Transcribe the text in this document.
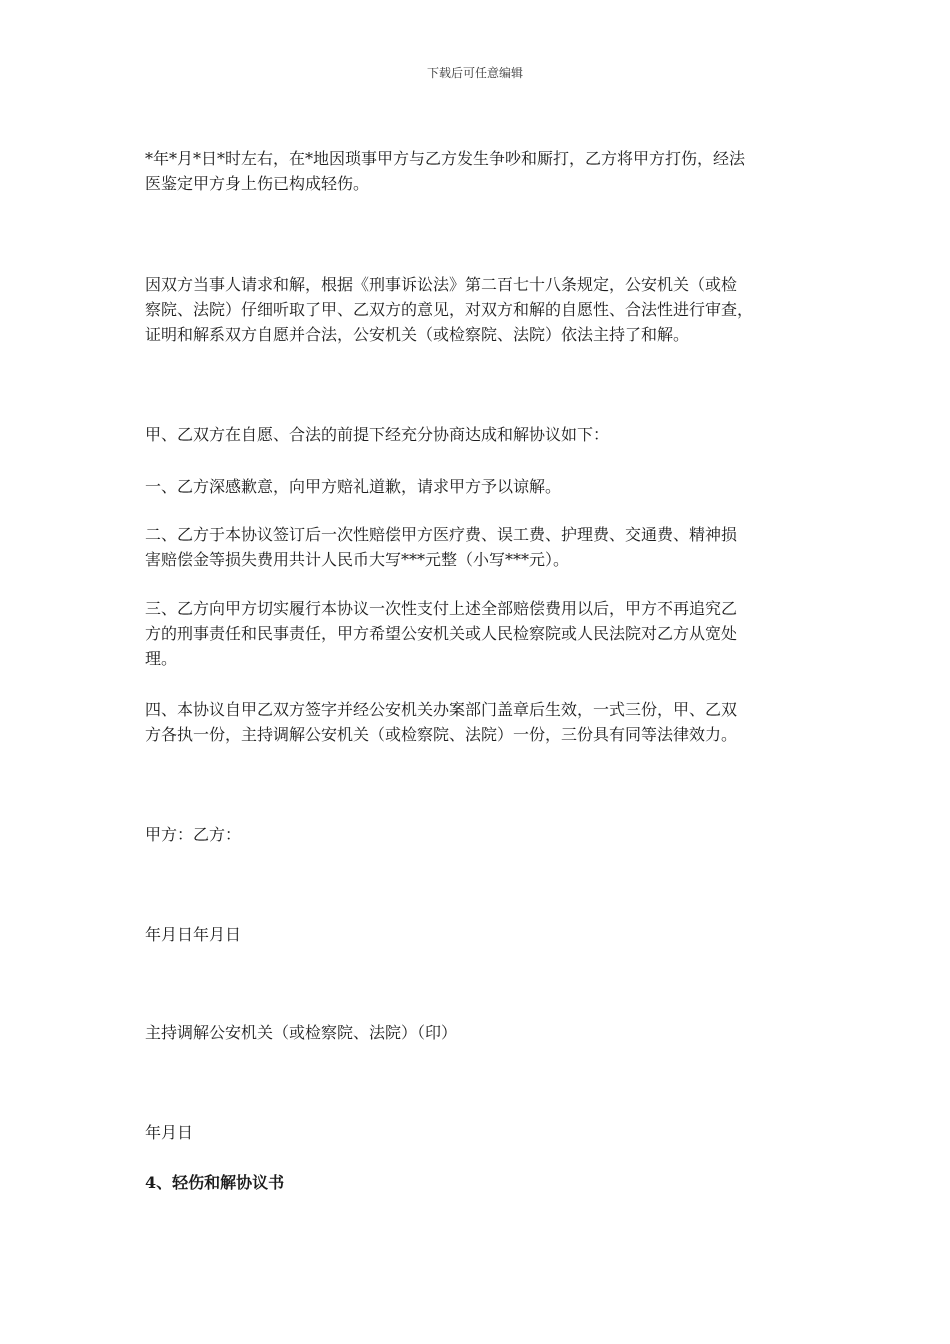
下载后可任意编辑

*年*月*日*时左右，在*地因琐事甲方与乙方发生争吵和厮打，乙方将甲方打伤，经法
医鉴定甲方身上伤已构成轻伤。

因双方当事人请求和解，根据《刑事诉讼法》第二百七十八条规定，公安机关（或检
察院、法院）仔细听取了甲、乙双方的意见，对双方和解的自愿性、合法性进行审查，
证明和解系双方自愿并合法，公安机关（或检察院、法院）依法主持了和解。

甲、乙双方在自愿、合法的前提下经充分协商达成和解协议如下：

一、乙方深感歉意，向甲方赔礼道歉，请求甲方予以谅解。

二、乙方于本协议签订后一次性赔偿甲方医疗费、误工费、护理费、交通费、精神损
害赔偿金等损失费用共计人民币大写***元整（小写***元）。

三、乙方向甲方切实履行本协议一次性支付上述全部赔偿费用以后，甲方不再追究乙
方的刑事责任和民事责任，甲方希望公安机关或人民检察院或人民法院对乙方从宽处
理。

四、本协议自甲乙双方签字并经公安机关办案部门盖章后生效，一式三份，甲、乙双
方各执一份，主持调解公安机关（或检察院、法院）一份，三份具有同等法律效力。

甲方：乙方：

年月日年月日

主持调解公安机关（或检察院、法院）（印）

年月日

4、轻伤和解协议书
